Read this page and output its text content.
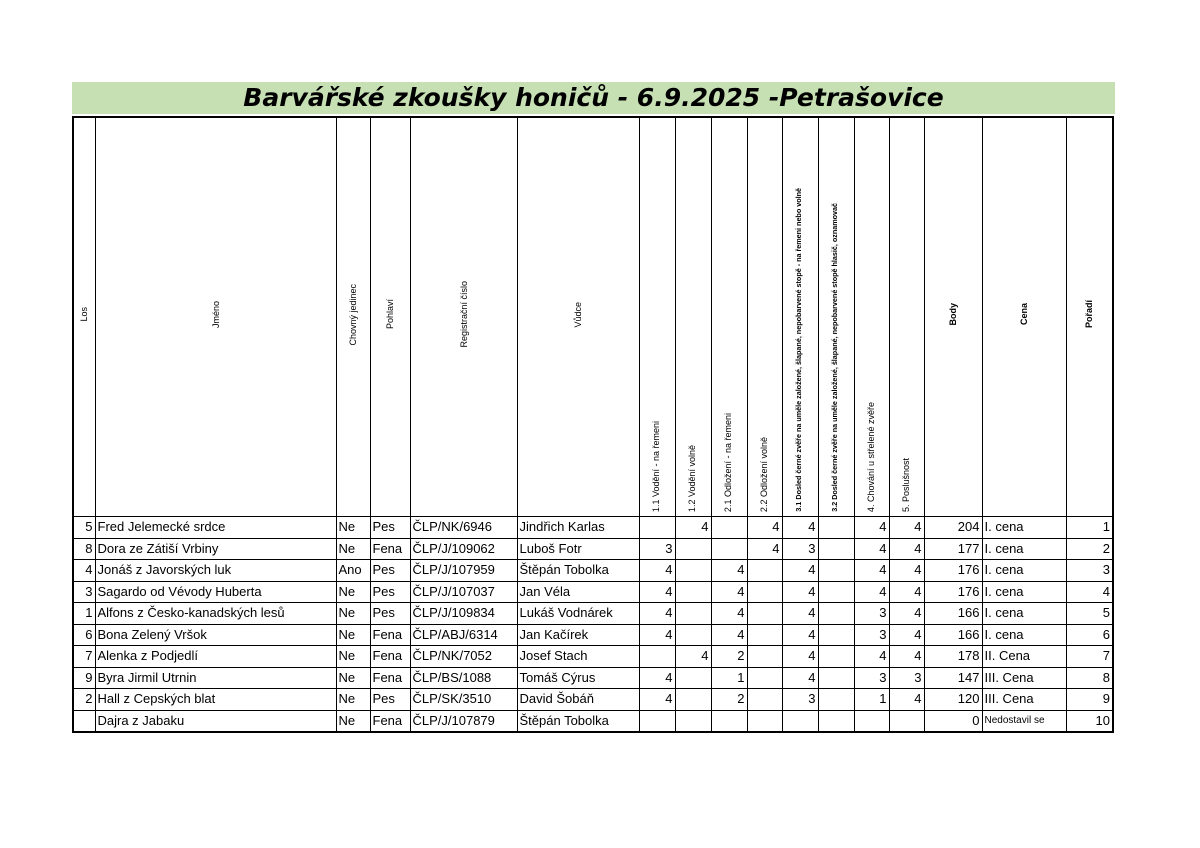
Barvářské zkoušky honičů - 6.9.2025 -Petrašovice
Los	Jméno	Chovný jedinec	Pohlaví	Registrační číslo	Vůdce	1.1 Vodění - na řemeni	1.2 Vodění volně	2.1 Odložení - na řemeni	2.2 Odložení volně	3.1 Dosled černé zvěře na uměle založené, šlapané, nepobarvené stopě - na řemeni nebo volně	3.2 Dosled černé zvěře na uměle založené, šlapané, nepobarvené stopě hlasič, oznamovač	4. Chování u střelené zvěře	5. Poslušnost	Body	Cena	Pořadí
5	Fred Jelemecké srdce	Ne	Pes	ČLP/NK/6946	Jindřich Karlas		4		4	4		4	4	204	I. cena	1
8	Dora ze Zátiší Vrbiny	Ne	Fena	ČLP/J/109062	Luboš Fotr	3			4	3		4	4	177	I. cena	2
4	Jonáš z Javorských luk	Ano	Pes	ČLP/J/107959	Štěpán Tobolka	4		4		4		4	4	176	I. cena	3
3	Sagardo od Vévody Huberta	Ne	Pes	ČLP/J/107037	Jan Véla	4		4		4		4	4	176	I. cena	4
1	Alfons z Česko-kanadských lesů	Ne	Pes	ČLP/J/109834	Lukáš Vodnárek	4		4		4		3	4	166	I. cena	5
6	Bona Zelený Vršok	Ne	Fena	ČLP/ABJ/6314	Jan Kačírek	4		4		4		3	4	166	I. cena	6
7	Alenka z Podjedlí	Ne	Fena	ČLP/NK/7052	Josef Stach		4	2		4		4	4	178	II. Cena	7
9	Byra Jirmil Utrnin	Ne	Fena	ČLP/BS/1088	Tomáš Cýrus	4		1		4		3	3	147	III. Cena	8
2	Hall z Cepských blat	Ne	Pes	ČLP/SK/3510	David Šobáň	4		2		3		1	4	120	III. Cena	9
	Dajra z Jabaku	Ne	Fena	ČLP/J/107879	Štěpán Tobolka									0	Nedostavil se	10
